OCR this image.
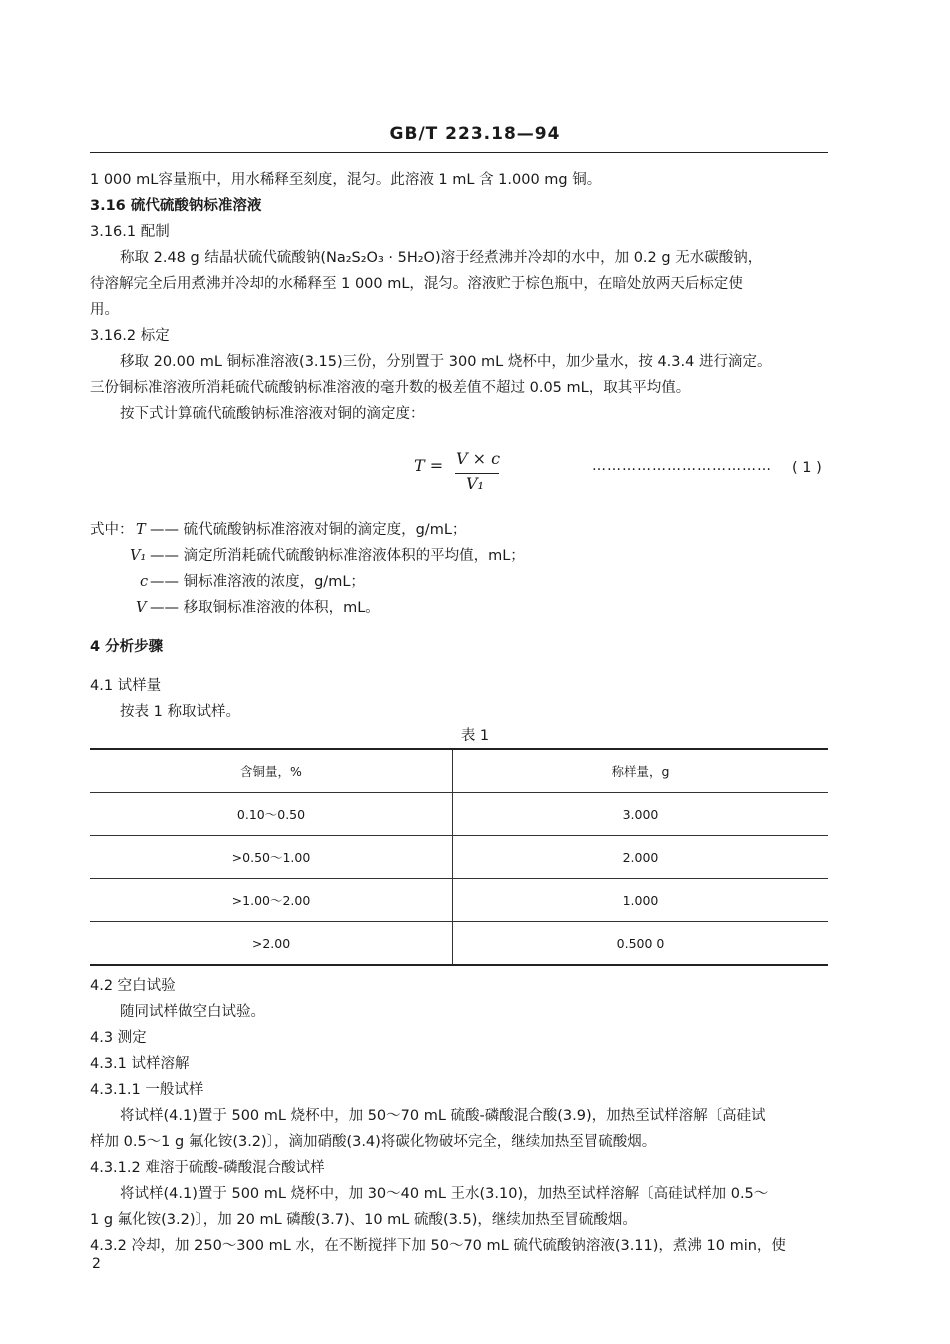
GB/T 223.18—94
1 000 mL容量瓶中，用水稀释至刻度，混匀。此溶液 1 mL 含 1.000 mg 铜。
3.16 硫代硫酸钠标准溶液
3.16.1 配制
称取 2.48 g 结晶状硫代硫酸钠(Na₂S₂O₃ · 5H₂O)溶于经煮沸并冷却的水中，加 0.2 g 无水碳酸钠，
待溶解完全后用煮沸并冷却的水稀释至 1 000 mL，混匀。溶液贮于棕色瓶中，在暗处放两天后标定使
用。
3.16.2 标定
移取 20.00 mL 铜标准溶液(3.15)三份，分别置于 300 mL 烧杯中，加少量水，按 4.3.4 进行滴定。
三份铜标准溶液所消耗硫代硫酸钠标准溶液的毫升数的极差值不超过 0.05 mL，取其平均值。
按下式计算硫代硫酸钠标准溶液对铜的滴定度：
T = V × c
V₁
……………………………… ( 1 )
式中： T —— 硫代硫酸钠标准溶液对铜的滴定度，g/mL；
V₁ —— 滴定所消耗硫代硫酸钠标准溶液体积的平均值，mL；
c —— 铜标准溶液的浓度，g/mL；
V —— 移取铜标准溶液的体积，mL。
4 分析步骤
4.1 试样量
按表 1 称取试样。
表 1
含铜量，%	称样量，g
0.10～0.50	3.000
>0.50～1.00	2.000
>1.00～2.00	1.000
>2.00	0.500 0
4.2 空白试验
随同试样做空白试验。
4.3 测定
4.3.1 试样溶解
4.3.1.1 一般试样
将试样(4.1)置于 500 mL 烧杯中，加 50～70 mL 硫酸-磷酸混合酸(3.9)，加热至试样溶解〔高硅试
样加 0.5～1 g 氟化铵(3.2)〕，滴加硝酸(3.4)将碳化物破坏完全，继续加热至冒硫酸烟。
4.3.1.2 难溶于硫酸-磷酸混合酸试样
将试样(4.1)置于 500 mL 烧杯中，加 30～40 mL 王水(3.10)，加热至试样溶解〔高硅试样加 0.5～
1 g 氟化铵(3.2)〕，加 20 mL 磷酸(3.7)、10 mL 硫酸(3.5)，继续加热至冒硫酸烟。
4.3.2 冷却，加 250～300 mL 水，在不断搅拌下加 50～70 mL 硫代硫酸钠溶液(3.11)，煮沸 10 min，使
2
